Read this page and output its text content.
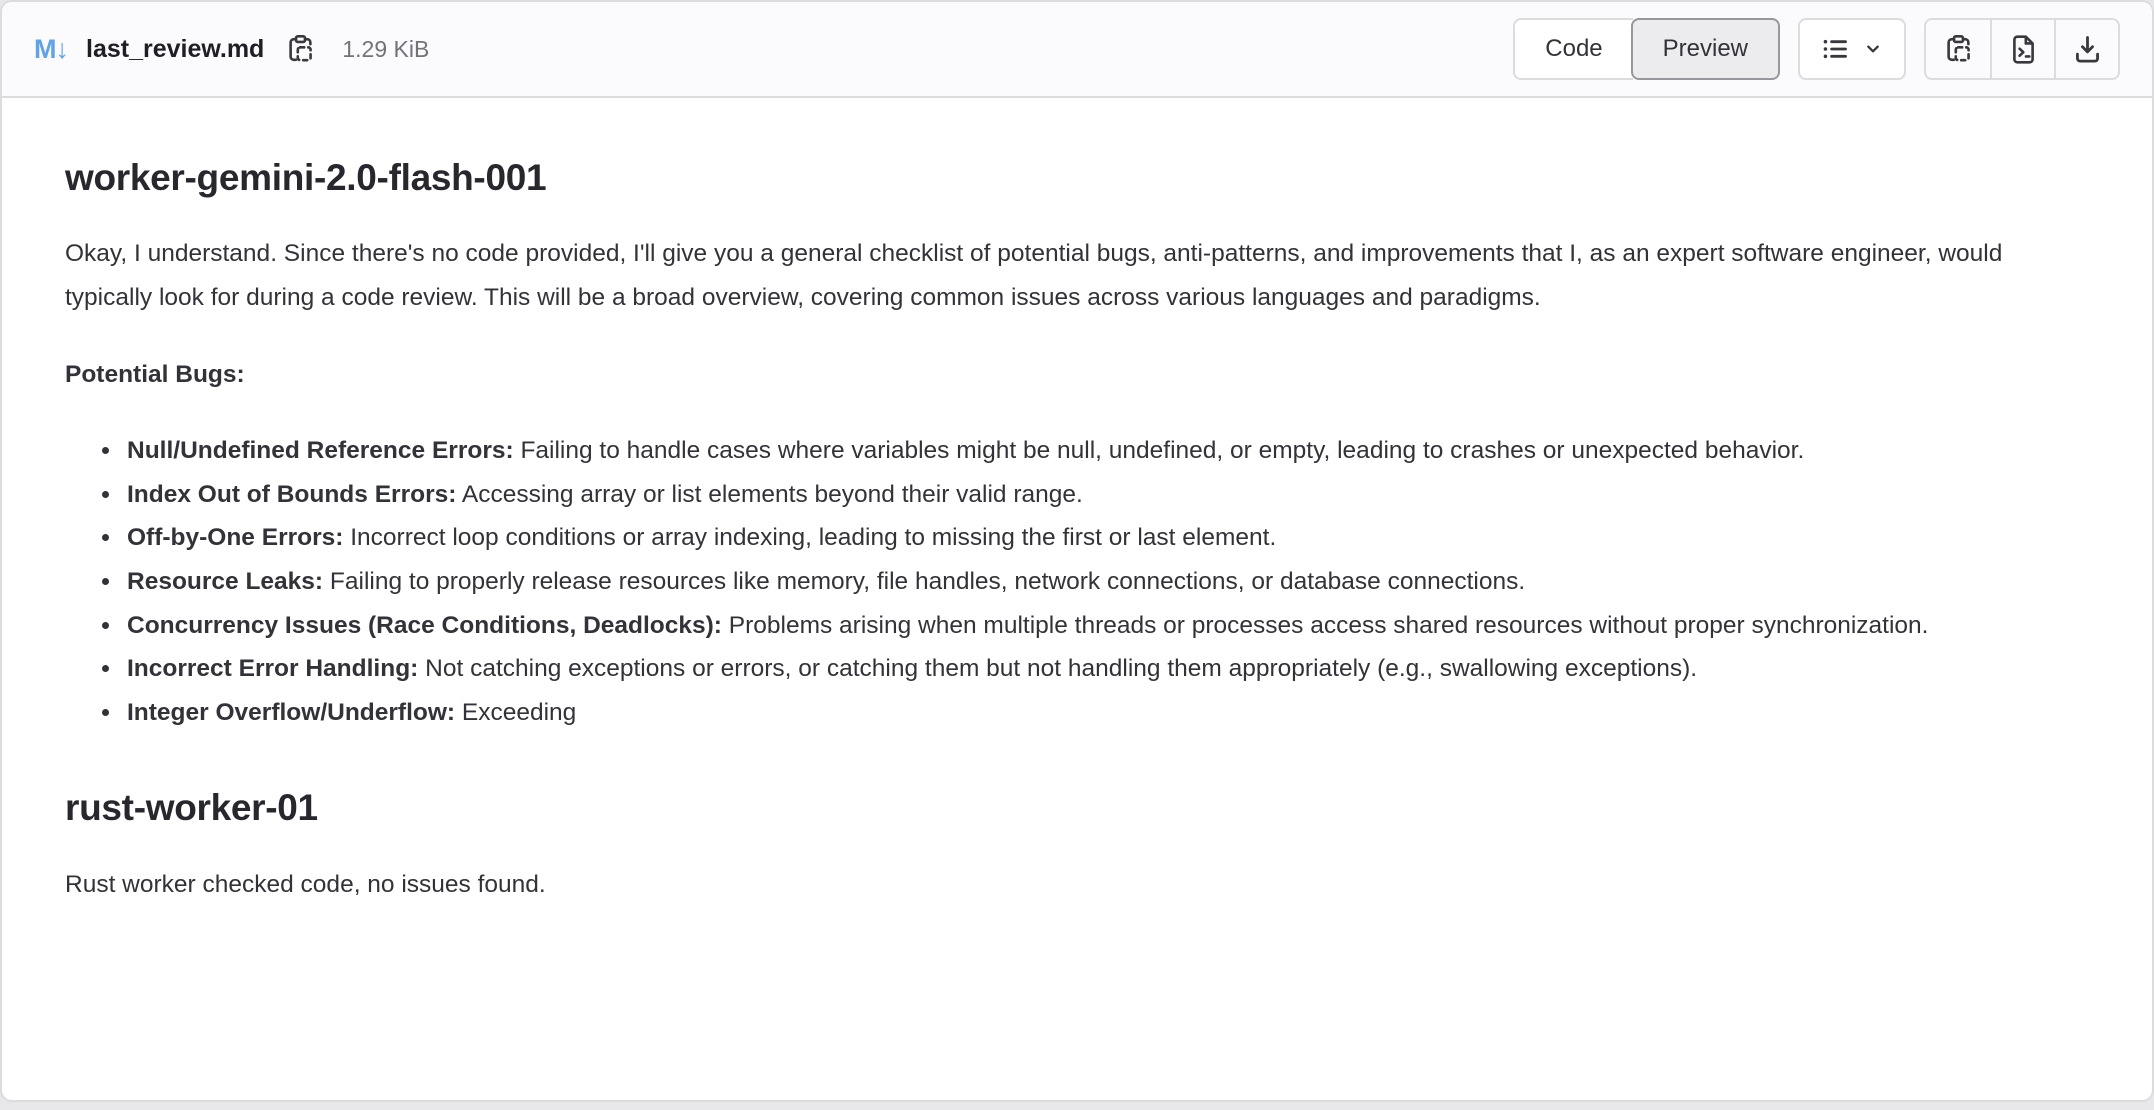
M↓ last_review.md	1.29 KiB	Code	Preview
worker-gemini-2.0-flash-001

Okay, I understand. Since there's no code provided, I'll give you a general checklist of potential bugs, anti-patterns, and improvements that I, as an expert software engineer, would typically look for during a code review. This will be a broad overview, covering common issues across various languages and paradigms.

Potential Bugs:

• Null/Undefined Reference Errors: Failing to handle cases where variables might be null, undefined, or empty, leading to crashes or unexpected behavior.
• Index Out of Bounds Errors: Accessing array or list elements beyond their valid range.
• Off-by-One Errors: Incorrect loop conditions or array indexing, leading to missing the first or last element.
• Resource Leaks: Failing to properly release resources like memory, file handles, network connections, or database connections.
• Concurrency Issues (Race Conditions, Deadlocks): Problems arising when multiple threads or processes access shared resources without proper synchronization.
• Incorrect Error Handling: Not catching exceptions or errors, or catching them but not handling them appropriately (e.g., swallowing exceptions).
• Integer Overflow/Underflow: Exceeding
rust-worker-01

Rust worker checked code, no issues found.
